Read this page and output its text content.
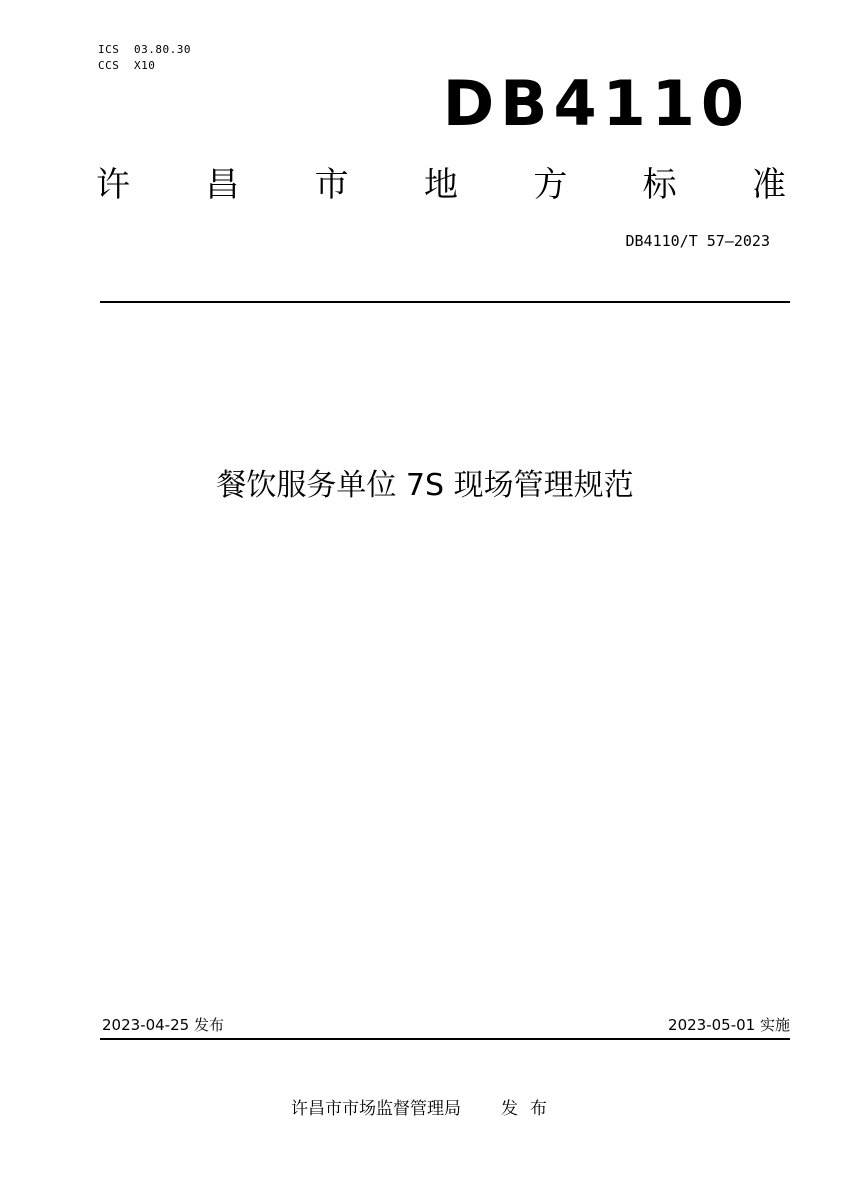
ICS 03.80.30
CCS X10
DB4110
许 昌 市 地 方 标 准
DB4110/T 57—2023
餐饮服务单位 7S 现场管理规范
2023-04-25 发布	2023-05-01 实施
许昌市市场监督管理局 发布
